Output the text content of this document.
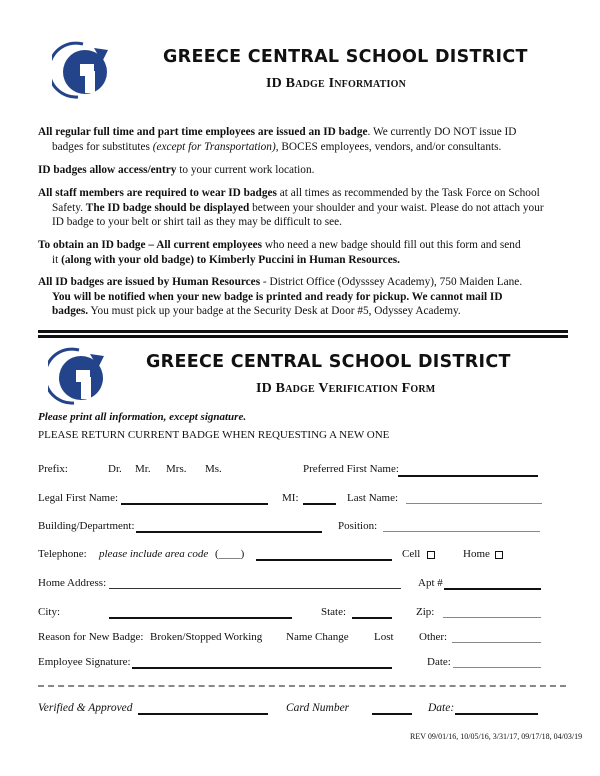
GREECE CENTRAL SCHOOL DISTRICT
ID Badge Information
All regular full time and part time employees are issued an ID badge. We currently DO NOT issue ID
badges for substitutes (except for Transportation), BOCES employees, vendors, and/or consultants.
ID badges allow access/entry to your current work location.
All staff members are required to wear ID badges at all times as recommended by the Task Force on School
Safety. The ID badge should be displayed between your shoulder and your waist. Please do not attach your
ID badge to your belt or shirt tail as they may be difficult to see.
To obtain an ID badge – All current employees who need a new badge should fill out this form and send
it (along with your old badge) to Kimberly Puccini in Human Resources.
All ID badges are issued by Human Resources - District Office (Odysssey Academy), 750 Maiden Lane.
You will be notified when your new badge is printed and ready for pickup. We cannot mail ID
badges. You must pick up your badge at the Security Desk at Door #5, Odyssey Academy.
GREECE CENTRAL SCHOOL DISTRICT
ID Badge Verification Form
Please print all information, except signature.
PLEASE RETURN CURRENT BADGE WHEN REQUESTING A NEW ONE
Prefix:	Dr. Mr. Mrs. Ms.	Preferred First Name:
Legal First Name:	MI:	Last Name:
Building/Department:	Position:
Telephone: please include area code (____)	Cell	Home
Home Address:	Apt #
City:	State:	Zip:
Reason for New Badge: Broken/Stopped Working Name Change Lost Other:
Employee Signature:	Date:
Verified & Approved	Card Number	Date:
REV 09/01/16, 10/05/16, 3/31/17, 09/17/18, 04/03/19
